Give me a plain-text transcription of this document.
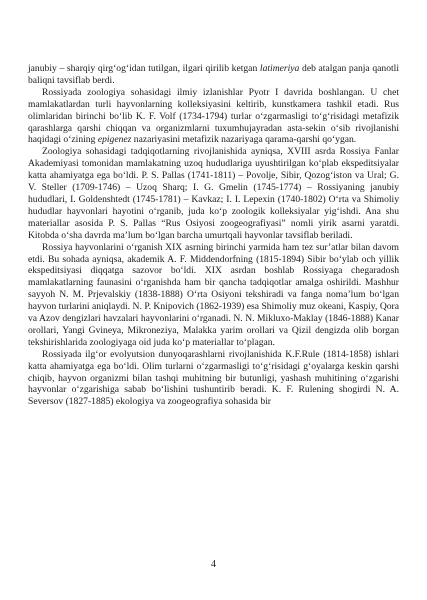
janubiy – sharqiy qirg‘og‘idan tutilgan, ilgari qirilib ketgan latimeriya deb atalgan panja qanotli baliqni tavsiflab berdi.

Rossiyada zoologiya sohasidagi ilmiy izlanishlar Pyotr I davrida boshlangan. U chet mamlakatlardan turli hayvonlarning kolleksiyasini keltirib, kunstkamera tashkil etadi. Rus olimlaridan birinchi bo‘lib K. F. Volf (1734-1794) turlar o‘zgarmasligi to‘g‘risidagi metafizik qarashlarga qarshi chiqqan va organizmlarni tuxumhujayradan asta-sekin o‘sib rivojlanishi haqidagi o‘zining epigenez nazariyasini metafizik nazariyaga qarama-qarshi qo‘ygan.

Zoologiya sohasidagi tadqiqotlarning rivojlanishida ayniqsa, XVIII asrda Rossiya Fanlar Akademiyasi tomonidan mamlakatning uzoq hududlariga uyushtirilgan ko‘plab ekspeditsiyalar katta ahamiyatga ega bo‘ldi. P. S. Pallas (1741-1811) – Povolje, Sibir, Qozog‘iston va Ural; G. V. Steller (1709-1746) – Uzoq Sharq; I. G. Gmelin (1745-1774) – Rossiyaning janubiy hududlari, I. Goldenshtedt (1745-1781) – Kavkaz; I. I. Lepexin (1740-1802) O‘rta va Shimoliy hududlar hayvonlari hayotini o‘rganib, juda ko‘p zoologik kolleksiyalar yig‘ishdi. Ana shu materiallar asosida P. S. Pallas “Rus Osiyosi zoogeografiyasi” nomli yirik asarni yaratdi. Kitobda o‘sha davrda ma’lum bo‘lgan barcha umurtqali hayvonlar tavsiflab beriladi.

Rossiya hayvonlarini o‘rganish XIX asrning birinchi yarmida ham tez sur’atlar bilan davom etdi. Bu sohada ayniqsa, akademik A. F. Middendorfning (1815-1894) Sibir bo‘ylab och yillik ekspeditsiyasi diqqatga sazovor bo‘ldi. XIX asrdan boshlab Rossiyaga chegaradosh mamlakatlarning faunasini o‘rganishda ham bir qancha tadqiqotlar amalga oshirildi. Mashhur sayyoh N. M. Prjevalskiy (1838-1888) O‘rta Osiyoni tekshiradi va fanga noma’lum bo‘lgan hayvon turlarini aniqlaydi. N. P. Knipovich (1862-1939) esa Shimoliy muz okeani, Kaspiy, Qora va Azov dengizlari havzalari hayvonlarini o‘rganadi. N. N. Mikluxo-Maklay (1846-1888) Kanar orollari, Yangi Gvineya, Mikroneziya, Malakka yarim orollari va Qizil dengizda olib borgan tekshirishlarida zoologiyaga oid juda ko‘p materiallar to‘plagan.

Rossiyada ilg‘or evolyutsion dunyoqarashlarni rivojlanishida K.F.Rule (1814-1858) ishlari katta ahamiyatga ega bo‘ldi. Olim turlarni o‘zgarmasligi to‘g‘risidagi g‘oyalarga keskin qarshi chiqib, hayvon organizmi bilan tashqi muhitning bir butunligi, yashash muhitining o‘zgarishi hayvonlar o‘zgarishiga sabab bo‘lishini tushuntirib beradi. K. F. Rulening shogirdi N. A. Seversov (1827-1885) ekologiya va zoogeografiya sohasida bir

4
